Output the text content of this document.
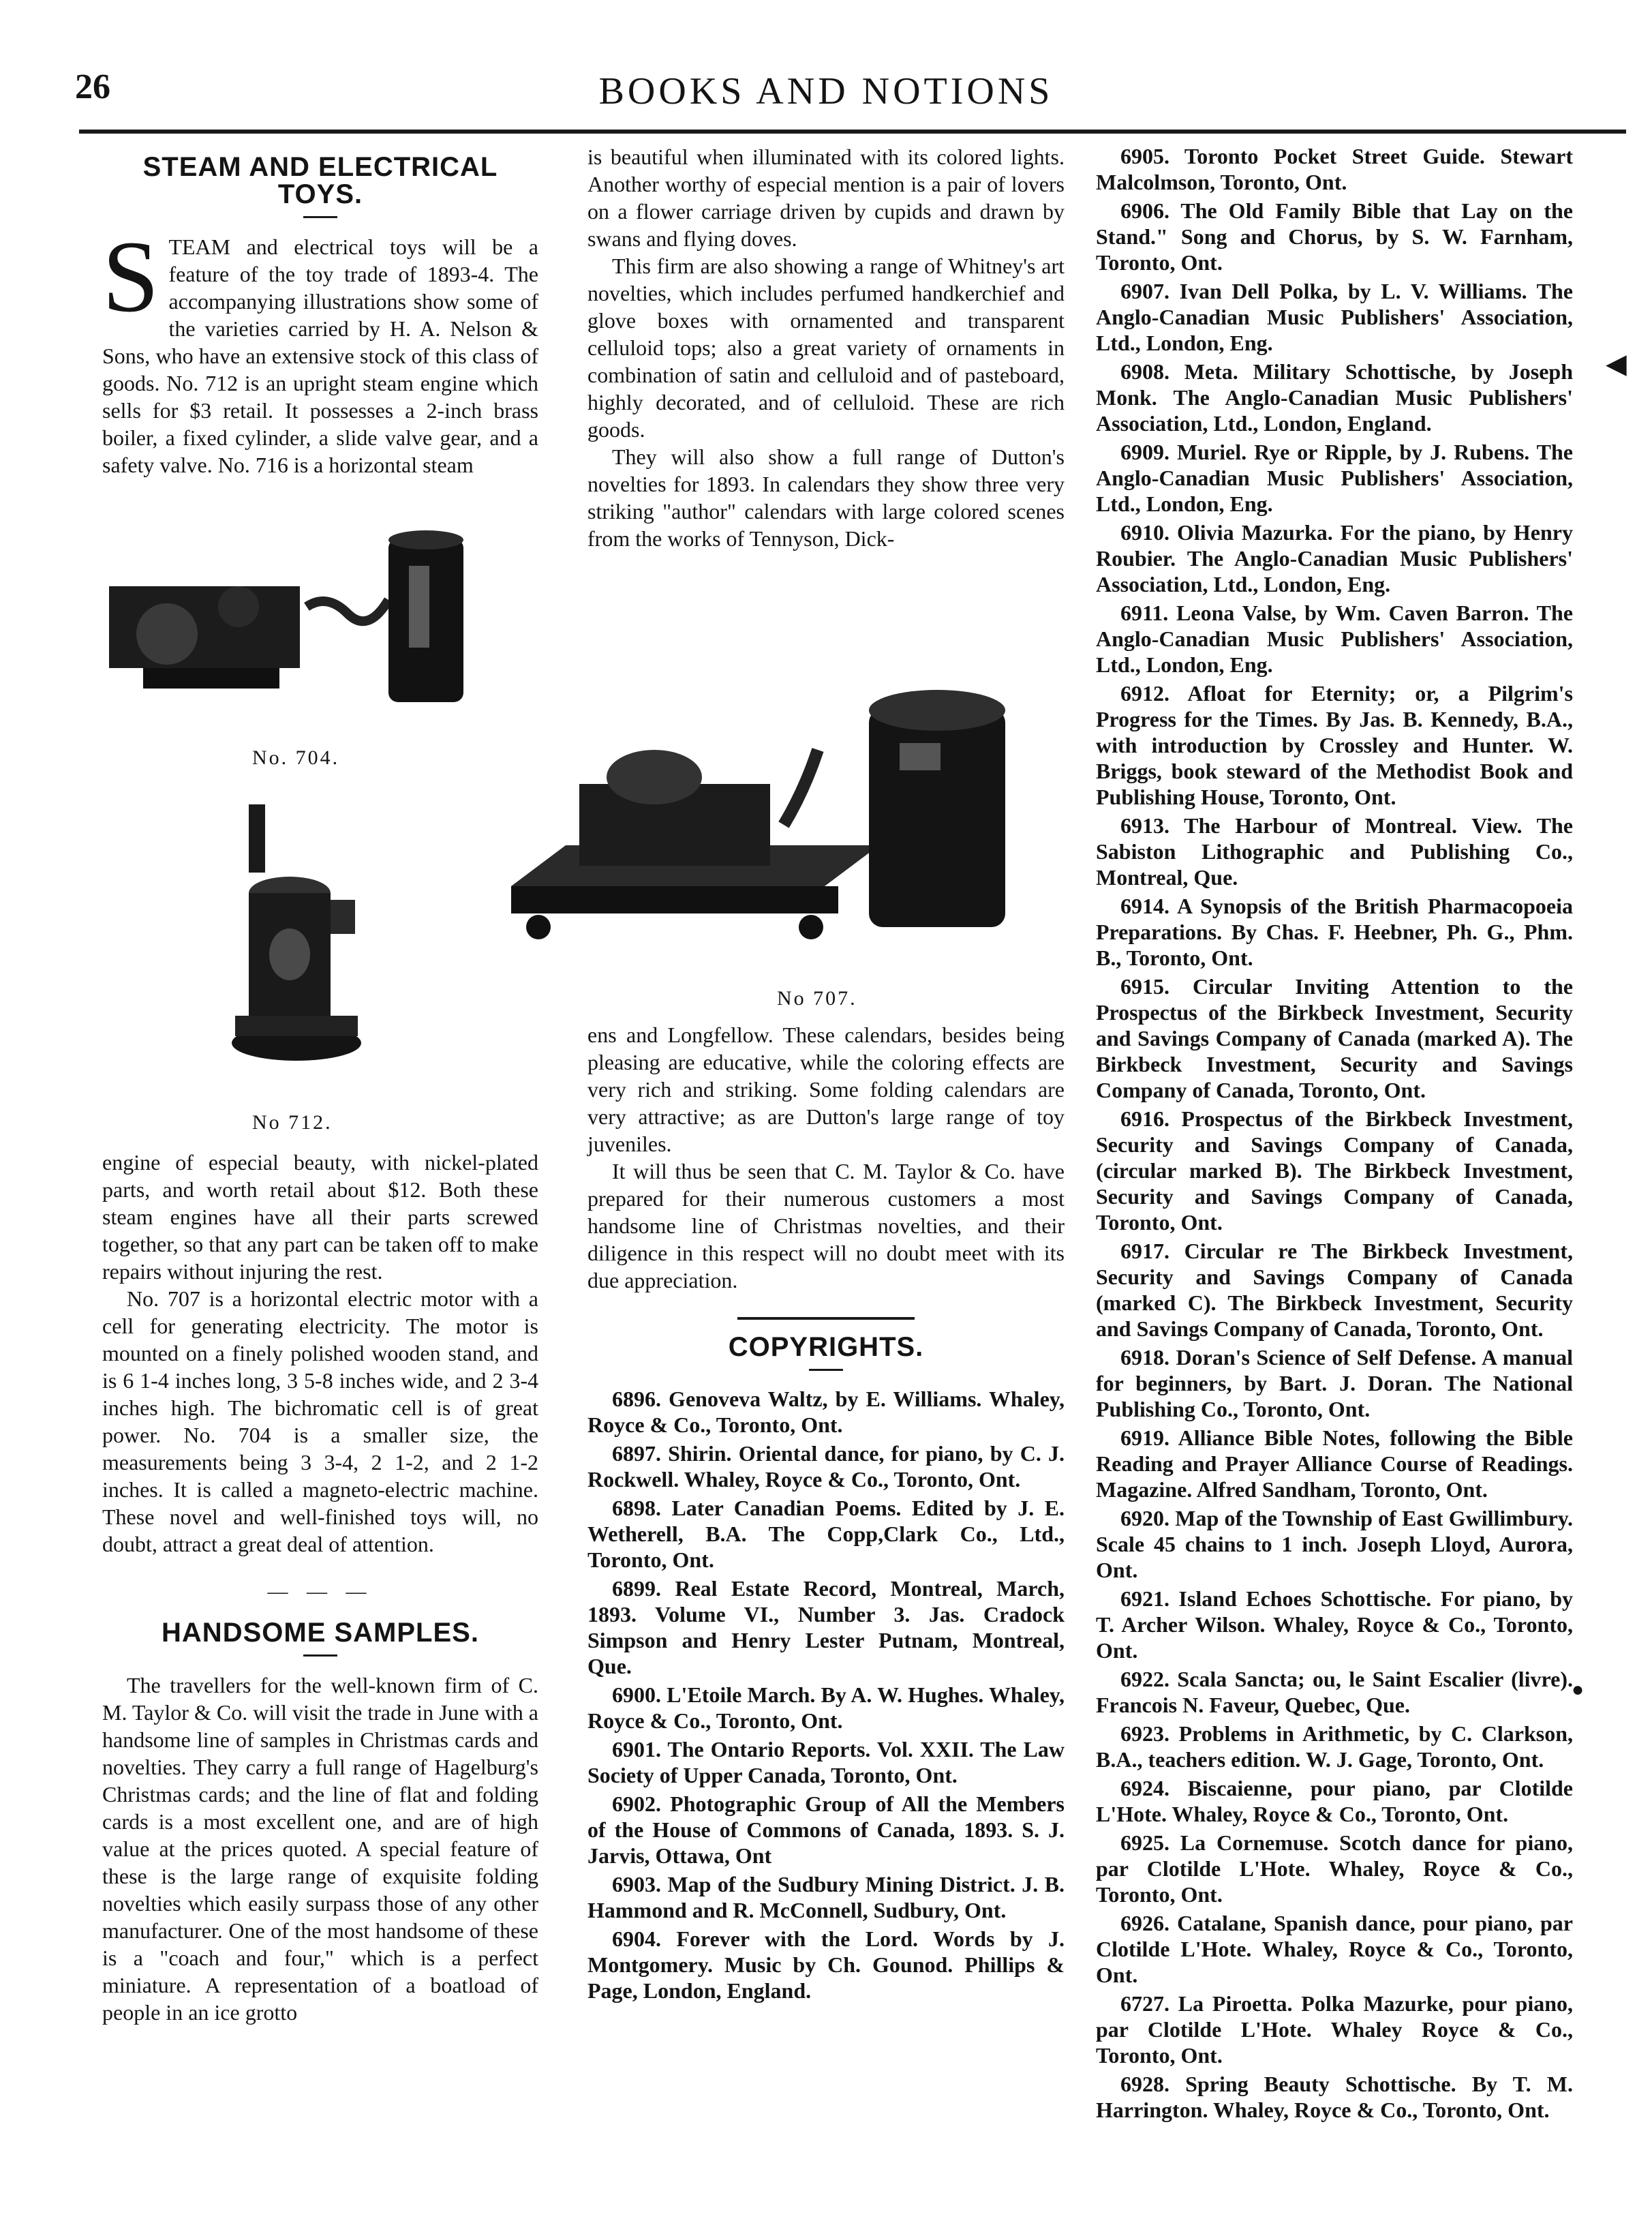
26	BOOKS AND NOTIONS
STEAM AND ELECTRICAL TOYS.
S TEAM and electrical toys will be a feature of the toy trade of 1893-4. The accompanying illustrations show some of the varieties carried by H. A. Nelson & Sons, who have an extensive stock of this class of goods. No. 712 is an upright steam engine which sells for $3 retail. It possesses a 2-inch brass boiler, a fixed cylinder, a slide valve gear, and a safety valve. No. 716 is a horizontal steam

No. 704.
No 712.

engine of especial beauty, with nickel-plated parts, and worth retail about $12. Both these steam engines have all their parts screwed together, so that any part can be taken off to make repairs without injuring the rest.

No. 707 is a horizontal electric motor with a cell for generating electricity. The motor is mounted on a finely polished wooden stand, and is 6 1-4 inches long, 3 5-8 inches wide, and 2 3-4 inches high. The bichromatic cell is of great power. No. 704 is a smaller size, the measurements being 3 3-4, 2 1-2, and 2 1-2 inches. It is called a magneto-electric machine. These novel and well-finished toys will, no doubt, attract a great deal of attention.

— — —
HANDSOME SAMPLES.

The travellers for the well-known firm of C. M. Taylor & Co. will visit the trade in June with a handsome line of samples in Christmas cards and novelties. They carry a full range of Hagelburg's Christmas cards; and the line of flat and folding cards is a most excellent one, and are of high value at the prices quoted. A special feature of these is the large range of exquisite folding novelties which easily surpass those of any other manufacturer. One of the most handsome of these is a "coach and four," which is a perfect miniature. A representation of a boatload of people in an ice grotto

is beautiful when illuminated with its colored lights. Another worthy of especial mention is a pair of lovers on a flower carriage driven by cupids and drawn by swans and flying doves.

This firm are also showing a range of Whitney's art novelties, which includes perfumed handkerchief and glove boxes with ornamented and transparent celluloid tops; also a great variety of ornaments in combination of satin and celluloid and of pasteboard, highly decorated, and of celluloid. These are rich goods.

They will also show a full range of Dutton's novelties for 1893. In calendars they show three very striking "author" calendars with large colored scenes from the works of Tennyson, Dick-

No 707.

ens and Longfellow. These calendars, besides being pleasing are educative, while the coloring effects are very rich and striking. Some folding calendars are very attractive; as are Dutton's large range of toy juveniles.

It will thus be seen that C. M. Taylor & Co. have prepared for their numerous customers a most handsome line of Christmas novelties, and their diligence in this respect will no doubt meet with its due appreciation.

COPYRIGHTS.

6896. Genoveva Waltz, by E. Williams. Whaley, Royce & Co., Toronto, Ont.

6897. Shirin. Oriental dance, for piano, by C. J. Rockwell. Whaley, Royce & Co., Toronto, Ont.

6898. Later Canadian Poems. Edited by J. E. Wetherell, B.A. The Copp,Clark Co., Ltd., Toronto, Ont.

6899. Real Estate Record, Montreal, March, 1893. Volume VI., Number 3. Jas. Cradock Simpson and Henry Lester Putnam, Montreal, Que.

6900. L'Etoile March. By A. W. Hughes. Whaley, Royce & Co., Toronto, Ont.

6901. The Ontario Reports. Vol. XXII. The Law Society of Upper Canada, Toronto, Ont.

6902. Photographic Group of All the Members of the House of Commons of Canada, 1893. S. J. Jarvis, Ottawa, Ont

6903. Map of the Sudbury Mining District. J. B. Hammond and R. McConnell, Sudbury, Ont.

6904. Forever with the Lord. Words by J. Montgomery. Music by Ch. Gounod. Phillips & Page, London, England.

6905. Toronto Pocket Street Guide. Stewart Malcolmson, Toronto, Ont.

6906. The Old Family Bible that Lay on the Stand." Song and Chorus, by S. W. Farnham, Toronto, Ont.

6907. Ivan Dell Polka, by L. V. Williams. The Anglo-Canadian Music Publishers' Association, Ltd., London, Eng.

6908. Meta. Military Schottische, by Joseph Monk. The Anglo-Canadian Music Publishers' Association, Ltd., London, England.

6909. Muriel. Rye or Ripple, by J. Rubens. The Anglo-Canadian Music Publishers' Association, Ltd., London, Eng.

6910. Olivia Mazurka. For the piano, by Henry Roubier. The Anglo-Canadian Music Publishers' Association, Ltd., London, Eng.

6911. Leona Valse, by Wm. Caven Barron. The Anglo-Canadian Music Publishers' Association, Ltd., London, Eng.

6912. Afloat for Eternity; or, a Pilgrim's Progress for the Times. By Jas. B. Kennedy, B.A., with introduction by Crossley and Hunter. W. Briggs, book steward of the Methodist Book and Publishing House, Toronto, Ont.

6913. The Harbour of Montreal. View. The Sabiston Lithographic and Publishing Co., Montreal, Que.

6914. A Synopsis of the British Pharmacopoeia Preparations. By Chas. F. Heebner, Ph. G., Phm. B., Toronto, Ont.

6915. Circular Inviting Attention to the Prospectus of the Birkbeck Investment, Security and Savings Company of Canada (marked A). The Birkbeck Investment, Security and Savings Company of Canada, Toronto, Ont.

6916. Prospectus of the Birkbeck Investment, Security and Savings Company of Canada, (circular marked B). The Birkbeck Investment, Security and Savings Company of Canada, Toronto, Ont.

6917. Circular re The Birkbeck Investment, Security and Savings Company of Canada (marked C). The Birkbeck Investment, Security and Savings Company of Canada, Toronto, Ont.

6918. Doran's Science of Self Defense. A manual for beginners, by Bart. J. Doran. The National Publishing Co., Toronto, Ont.

6919. Alliance Bible Notes, following the Bible Reading and Prayer Alliance Course of Readings. Magazine. Alfred Sandham, Toronto, Ont.

6920. Map of the Township of East Gwillimbury. Scale 45 chains to 1 inch. Joseph Lloyd, Aurora, Ont.

6921. Island Echoes Schottische. For piano, by T. Archer Wilson. Whaley, Royce & Co., Toronto, Ont.

6922. Scala Sancta; ou, le Saint Escalier (livre). Francois N. Faveur, Quebec, Que.

6923. Problems in Arithmetic, by C. Clarkson, B.A., teachers edition. W. J. Gage, Toronto, Ont.

6924. Biscaienne, pour piano, par Clotilde L'Hote. Whaley, Royce & Co., Toronto, Ont.

6925. La Cornemuse. Scotch dance for piano, par Clotilde L'Hote. Whaley, Royce & Co., Toronto, Ont.

6926. Catalane, Spanish dance, pour piano, par Clotilde L'Hote. Whaley, Royce & Co., Toronto, Ont.

6727. La Piroetta. Polka Mazurke, pour piano, par Clotilde L'Hote. Whaley Royce & Co., Toronto, Ont.

6928. Spring Beauty Schottische. By T. M. Harrington. Whaley, Royce & Co., Toronto, Ont.

◀
●
